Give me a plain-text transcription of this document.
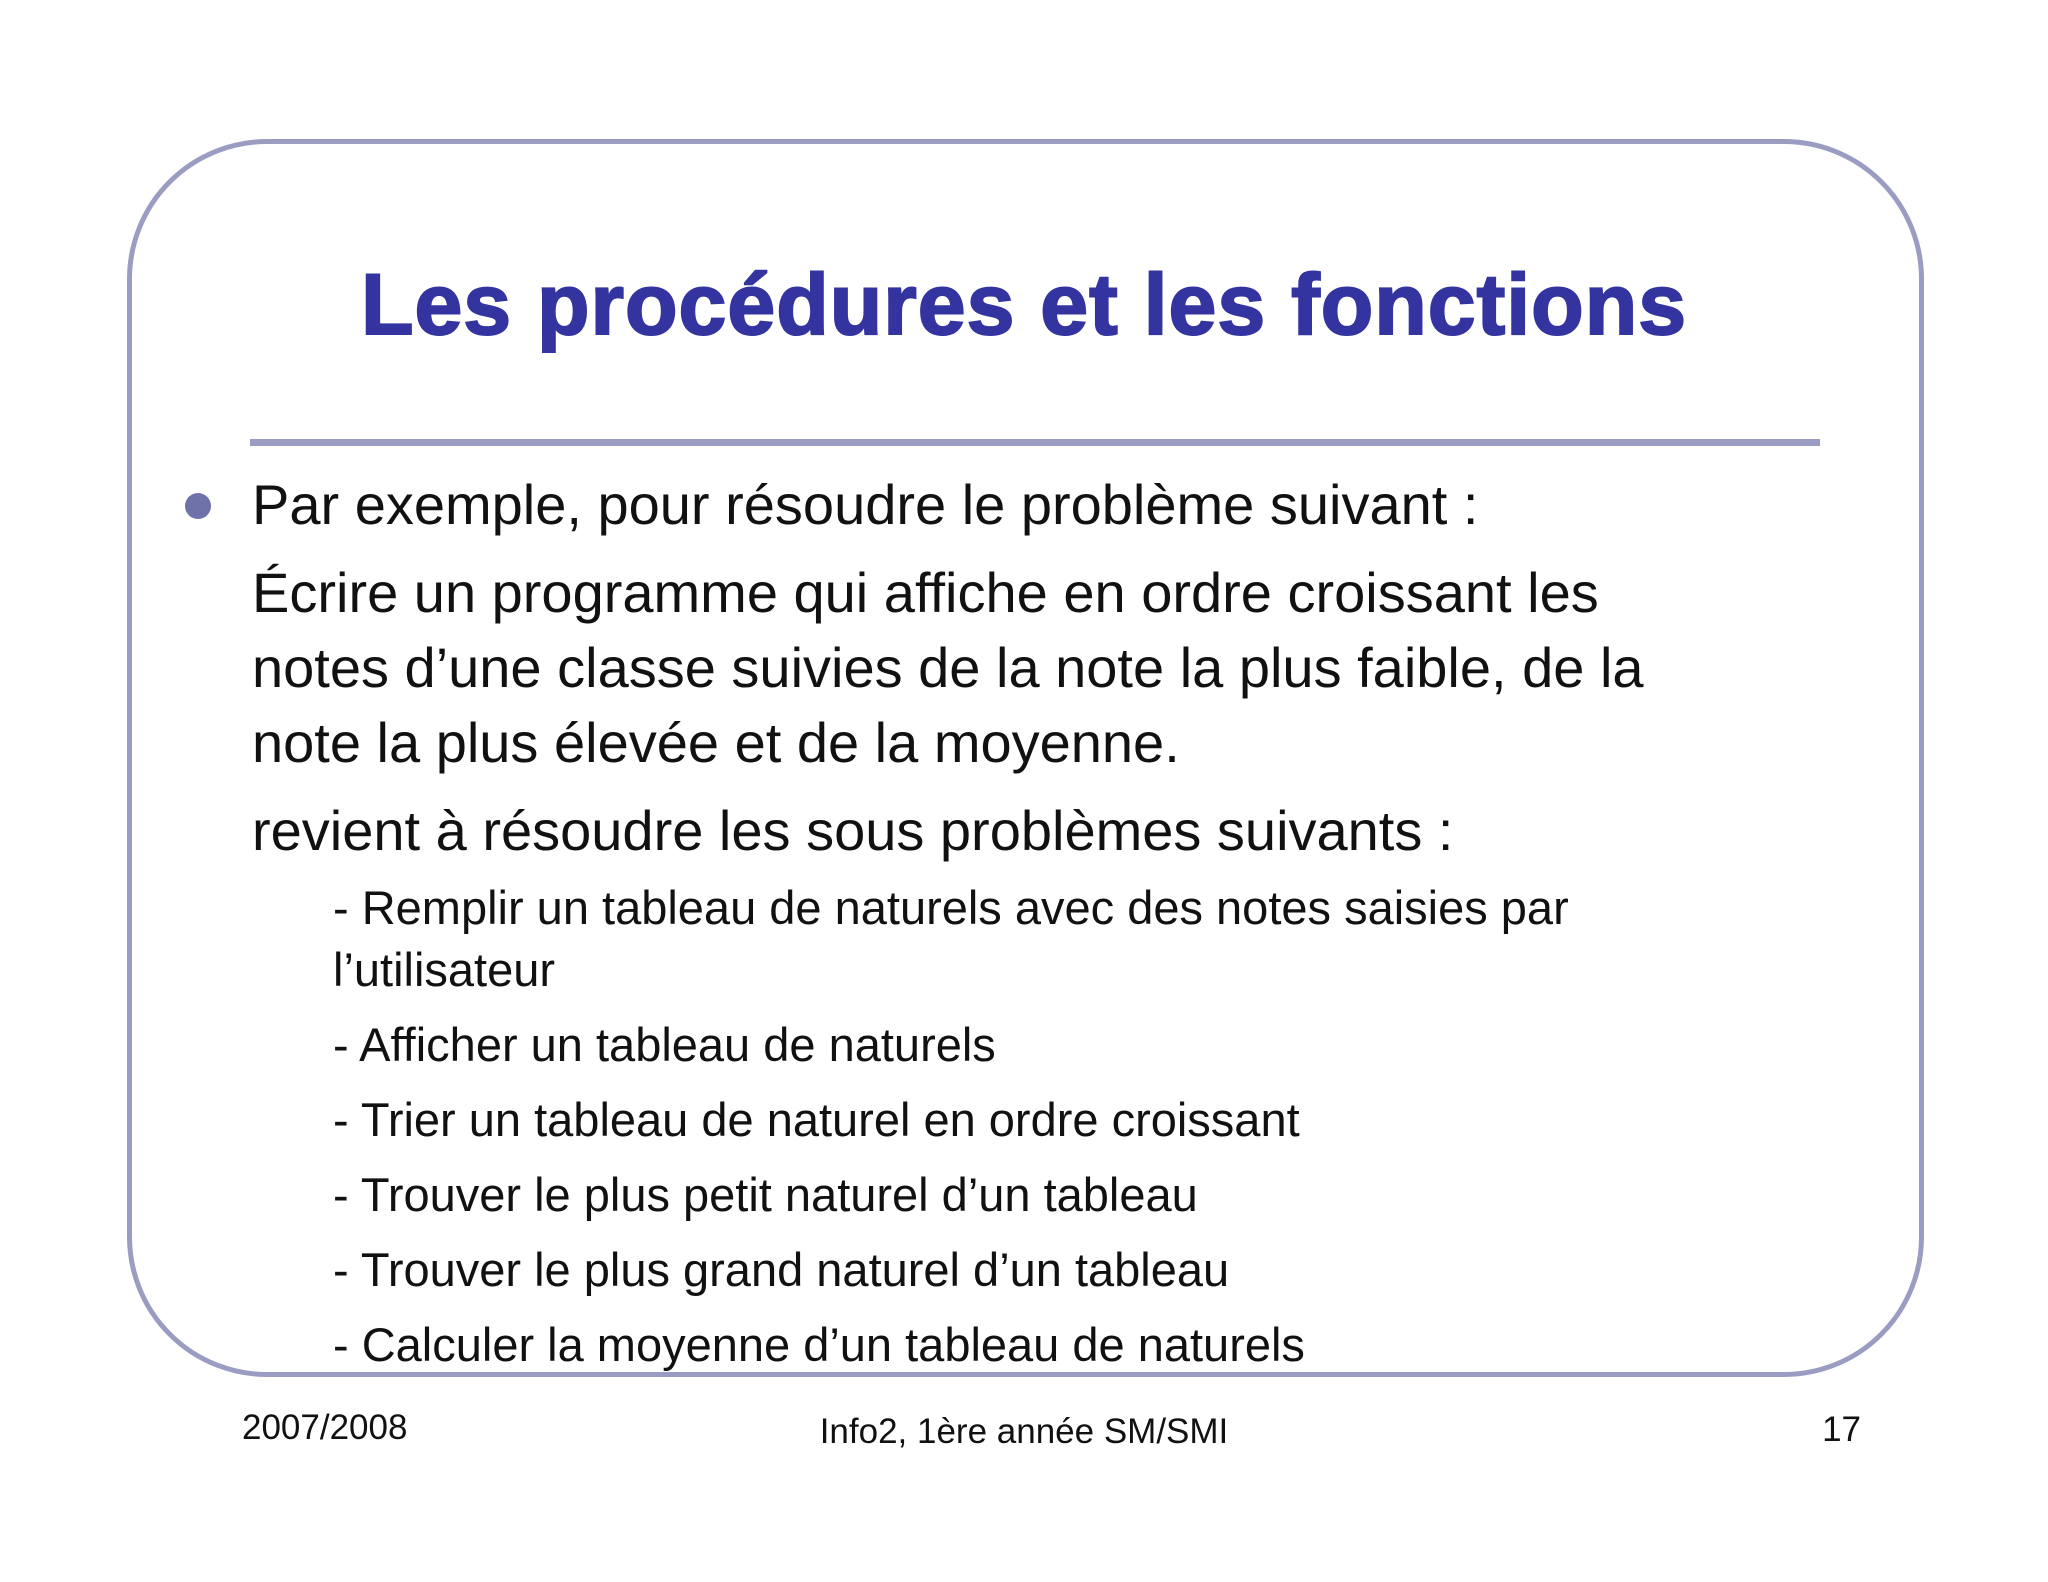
Les procédures et les fonctions
Par exemple, pour résoudre le problème suivant :
Écrire un programme qui affiche en ordre croissant les
notes d’une classe suivies de la note la plus faible, de la
note la plus élevée et de la moyenne.
revient à résoudre les sous problèmes suivants :
- Remplir un tableau de naturels avec des notes saisies par
l’utilisateur
- Afficher un tableau de naturels
- Trier un tableau de naturel en ordre croissant
- Trouver le plus petit naturel d’un tableau
- Trouver le plus grand naturel d’un tableau
- Calculer la moyenne d’un tableau de naturels
2007/2008	Info2, 1ère année SM/SMI	17
